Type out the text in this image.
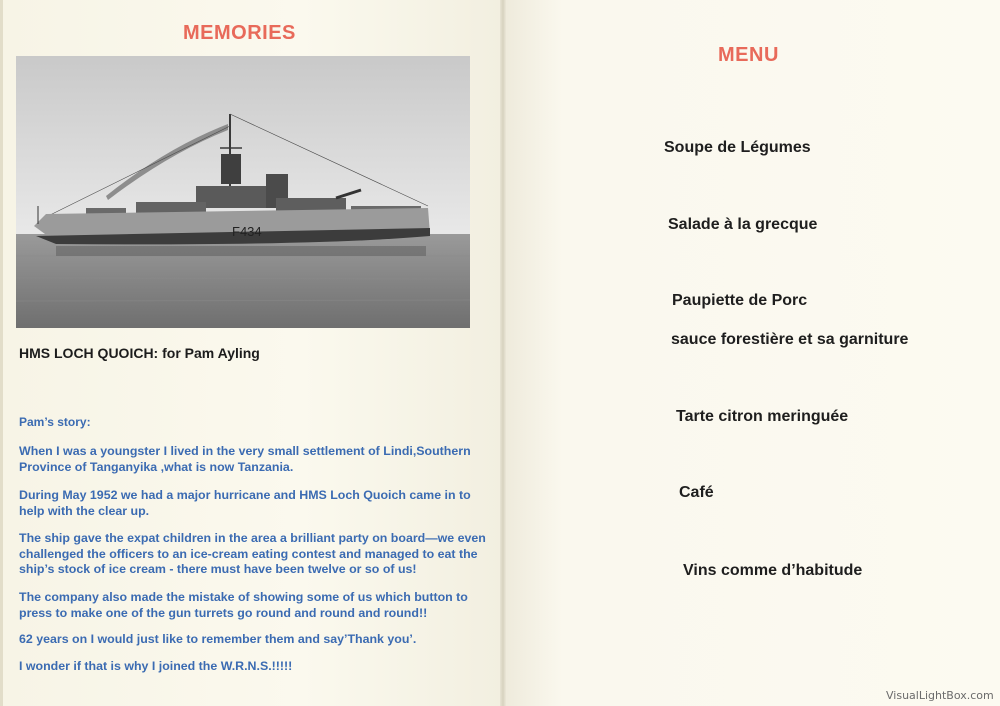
MEMORIES
F434
HMS LOCH QUOICH: for Pam Ayling

Pam’s story:

When I was a youngster I lived in the very small settlement of Lindi,Southern Province of Tanganyika ,what is now Tanzania.

During May 1952 we had a major hurricane and HMS Loch Quoich came in to help with the clear up.

The ship gave the expat children in the area a brilliant party on board—we even challenged the officers to an ice-cream eating contest and managed to eat the ship’s stock of ice cream - there must have been twelve or so of us!

The company also made the mistake of showing some of us which button to press to make one of the gun turrets go round and round and round!!

62 years on I would just like to remember them and say’Thank you’.

I wonder if that is why I joined the W.R.N.S.!!!!!

MENU
Soupe de Légumes
Salade à la grecque
Paupiette de Porc
sauce forestière et sa garniture
Tarte citron meringuée
Café
Vins comme d’habitude
VisualLightBox.com
